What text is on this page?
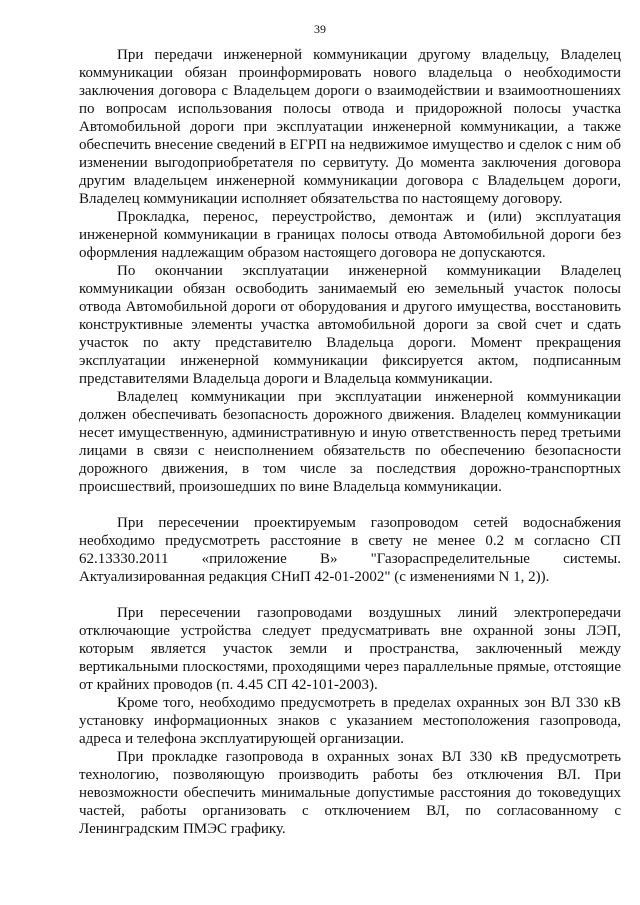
39

При передачи инженерной коммуникации другому владельцу, Владелец коммуникации обязан проинформировать нового владельца о необходимости заключения договора с Владельцем дороги о взаимодействии и взаимоотношениях по вопросам использования полосы отвода и придорожной полосы участка Автомобильной дороги при эксплуатации инженерной коммуникации, а также обеспечить внесение сведений в ЕГРП на недвижимое имущество и сделок с ним об изменении выгодоприобретателя по сервитуту. До момента заключения договора другим владельцем инженерной коммуникации договора с Владельцем дороги, Владелец коммуникации исполняет обязательства по настоящему договору.

Прокладка, перенос, переустройство, демонтаж и (или) эксплуатация инженерной коммуникации в границах полосы отвода Автомобильной дороги без оформления надлежащим образом настоящего договора не допускаются.

По окончании эксплуатации инженерной коммуникации Владелец коммуникации обязан освободить занимаемый ею земельный участок полосы отвода Автомобильной дороги от оборудования и другого имущества, восстановить конструктивные элементы участка автомобильной дороги за свой счет и сдать участок по акту представителю Владельца дороги. Момент прекращения эксплуатации инженерной коммуникации фиксируется актом, подписанным представителями Владельца дороги и Владельца коммуникации.

Владелец коммуникации при эксплуатации инженерной коммуникации должен обеспечивать безопасность дорожного движения. Владелец коммуникации несет имущественную, административную и иную ответственность перед третьими лицами в связи с неисполнением обязательств по обеспечению безопасности дорожного движения, в том числе за последствия дорожно-транспортных происшествий, произошедших по вине Владельца коммуникации.

При пересечении проектируемым газопроводом сетей водоснабжения необходимо предусмотреть расстояние в свету не менее 0.2 м согласно СП 62.13330.2011 «приложение В» "Газораспределительные системы. Актуализированная редакция СНиП 42-01-2002" (с изменениями N 1, 2)).

При пересечении газопроводами воздушных линий электропередачи отключающие устройства следует предусматривать вне охранной зоны ЛЭП, которым является участок земли и пространства, заключенный между вертикальными плоскостями, проходящими через параллельные прямые, отстоящие от крайних проводов (п. 4.45 СП 42-101-2003).

Кроме того, необходимо предусмотреть в пределах охранных зон ВЛ 330 кВ установку информационных знаков с указанием местоположения газопровода, адреса и телефона эксплуатирующей организации.

При прокладке газопровода в охранных зонах ВЛ 330 кВ предусмотреть технологию, позволяющую производить работы без отключения ВЛ. При невозможности обеспечить минимальные допустимые расстояния до токоведущих частей, работы организовать с отключением ВЛ, по согласованному с Ленинградским ПМЭС графику.
